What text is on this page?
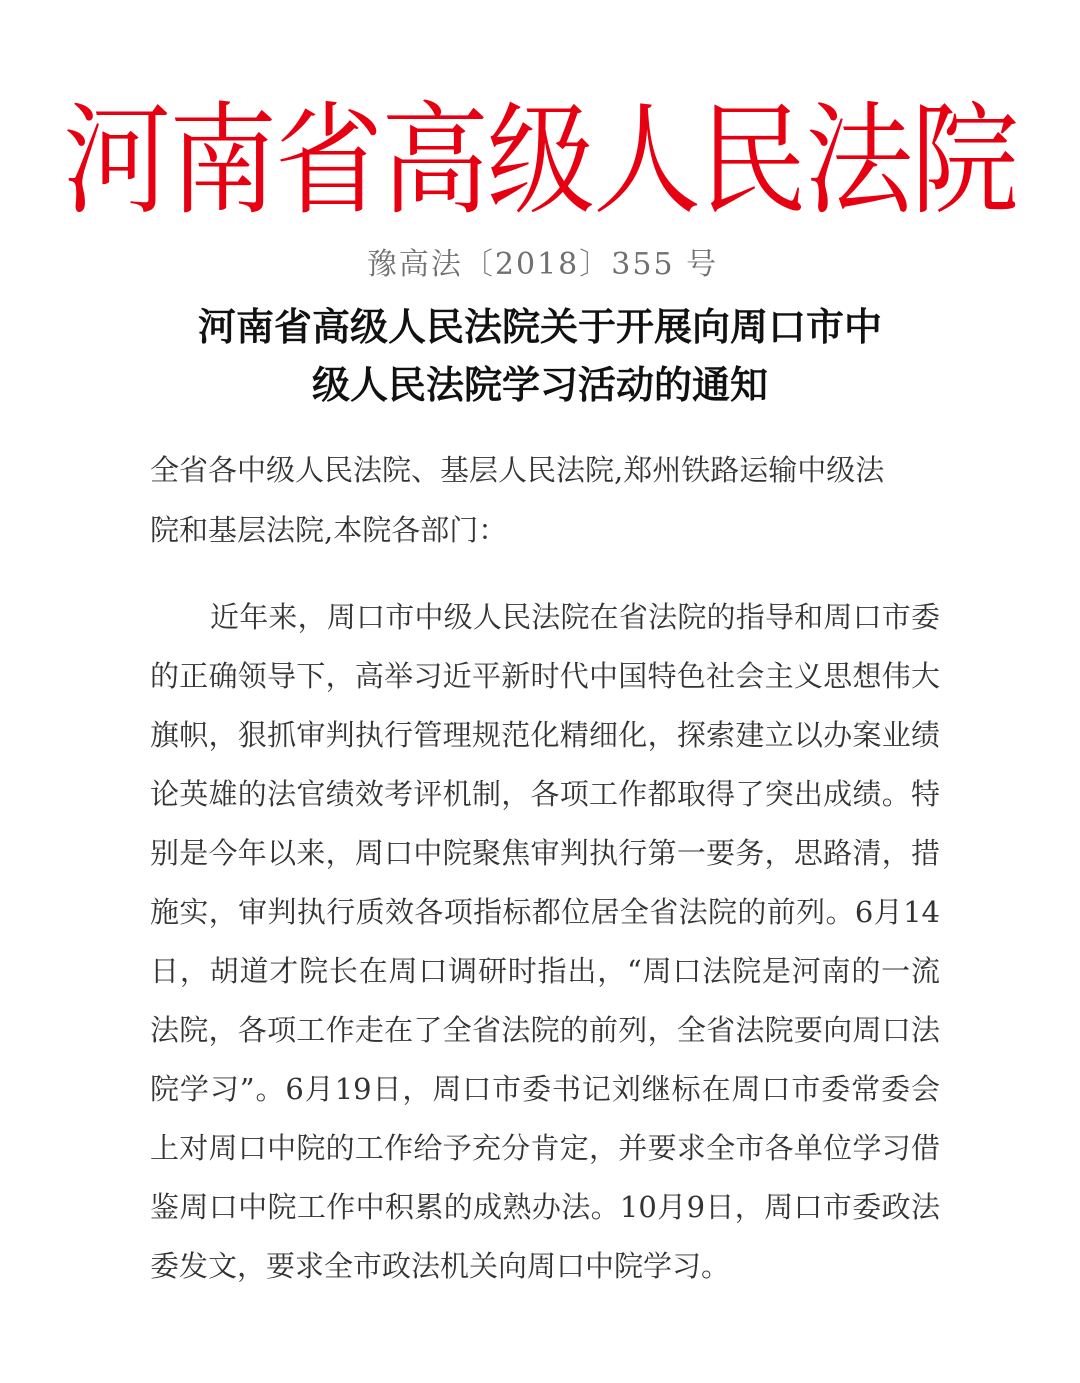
河南省高级人民法院
豫高法〔2018〕355 号
河南省高级人民法院关于开展向周口市中
级人民法院学习活动的通知
全省各中级人民法院、基层人民法院,郑州铁路运输中级法
院和基层法院,本院各部门：
近年来，周口市中级人民法院在省法院的指导和周口市委的正确领导下，高举习近平新时代中国特色社会主义思想伟大旗帜，狠抓审判执行管理规范化精细化，探索建立以办案业绩论英雄的法官绩效考评机制，各项工作都取得了突出成绩。特别是今年以来，周口中院聚焦审判执行第一要务，思路清，措施实，审判执行质效各项指标都位居全省法院的前列。6月14日，胡道才院长在周口调研时指出，“周口法院是河南的一流法院，各项工作走在了全省法院的前列，全省法院要向周口法院学习”。6月19日，周口市委书记刘继标在周口市委常委会上对周口中院的工作给予充分肯定，并要求全市各单位学习借鉴周口中院工作中积累的成熟办法。10月9日，周口市委政法委发文，要求全市政法机关向周口中院学习。
